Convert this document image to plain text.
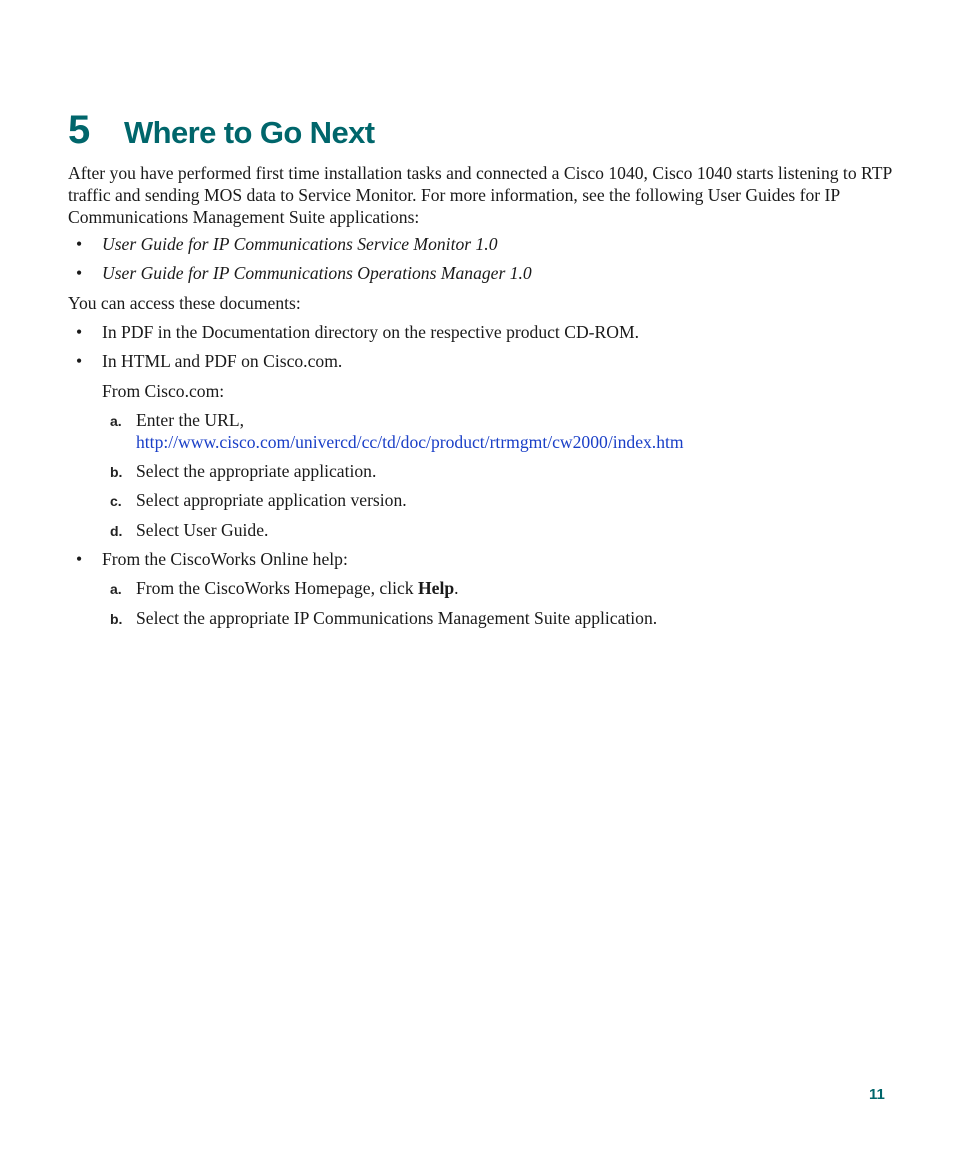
5	Where to Go Next

After you have performed first time installation tasks and connected a Cisco 1040, Cisco 1040 starts listening to RTP traffic and sending MOS data to Service Monitor. For more information, see the following User Guides for IP Communications Management Suite applications:

• User Guide for IP Communications Service Monitor 1.0
• User Guide for IP Communications Operations Manager 1.0

You can access these documents:

• In PDF in the Documentation directory on the respective product CD-ROM.
• In HTML and PDF on Cisco.com.
From Cisco.com:
a. Enter the URL,
http://www.cisco.com/univercd/cc/td/doc/product/rtrmgmt/cw2000/index.htm
b. Select the appropriate application.
c. Select appropriate application version.
d. Select User Guide.
• From the CiscoWorks Online help:
a. From the CiscoWorks Homepage, click Help.
b. Select the appropriate IP Communications Management Suite application.
11
